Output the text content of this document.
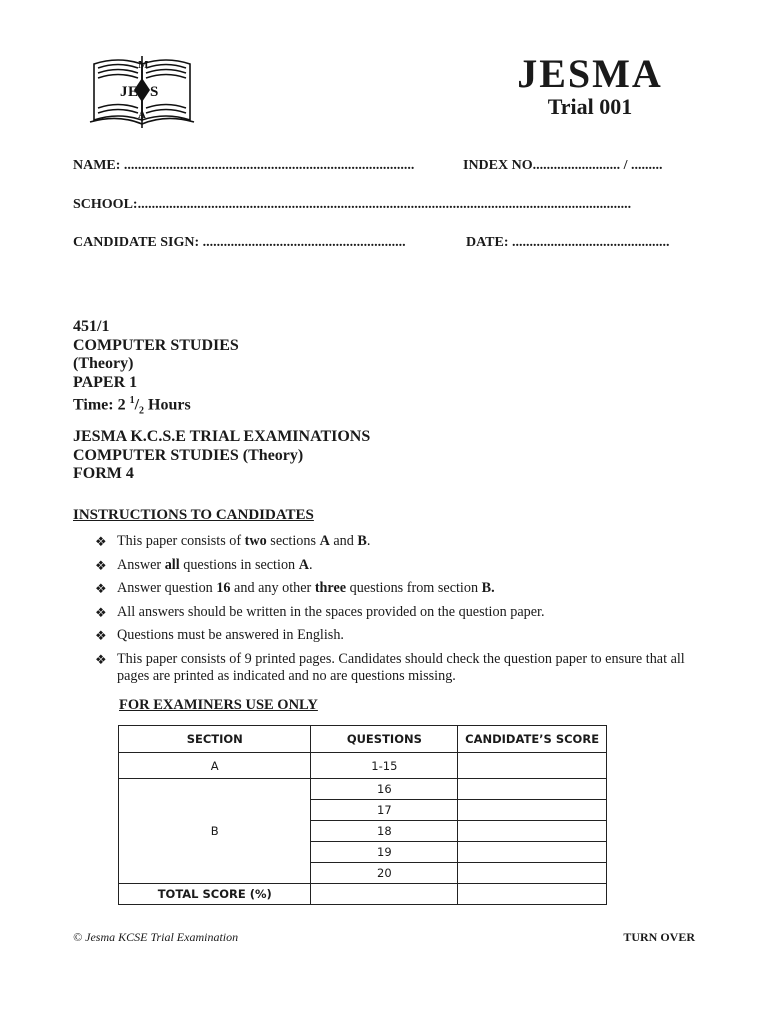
J E S
M
A
JESMA
Trial 001
NAME: ...................................................................................	INDEX NO......................... / .........
SCHOOL:.............................................................................................................................................
CANDIDATE SIGN: ..........................................................	DATE: .............................................
451/1
COMPUTER STUDIES
(Theory)
PAPER 1
Time: 2 $^1/_2$ Hours
JESMA K.C.S.E TRIAL EXAMINATIONS
COMPUTER STUDIES (Theory)
FORM 4
INSTRUCTIONS TO CANDIDATES
❖ This paper consists of two sections A and B.
❖ Answer all questions in section A.
❖ Answer question 16 and any other three questions from section B.
❖ All answers should be written in the spaces provided on the question paper.
❖ Questions must be answered in English.
❖ This paper consists of 9 printed pages. Candidates should check the question paper to ensure that all pages are printed as indicated and no are questions missing.
FOR EXAMINERS USE ONLY
SECTION	QUESTIONS	CANDIDATE’S SCORE
A	1-15	
B	16	
	17	
	18	
	19	
	20	
TOTAL SCORE (%)		
© Jesma KCSE Trial Examination	TURN OVER
